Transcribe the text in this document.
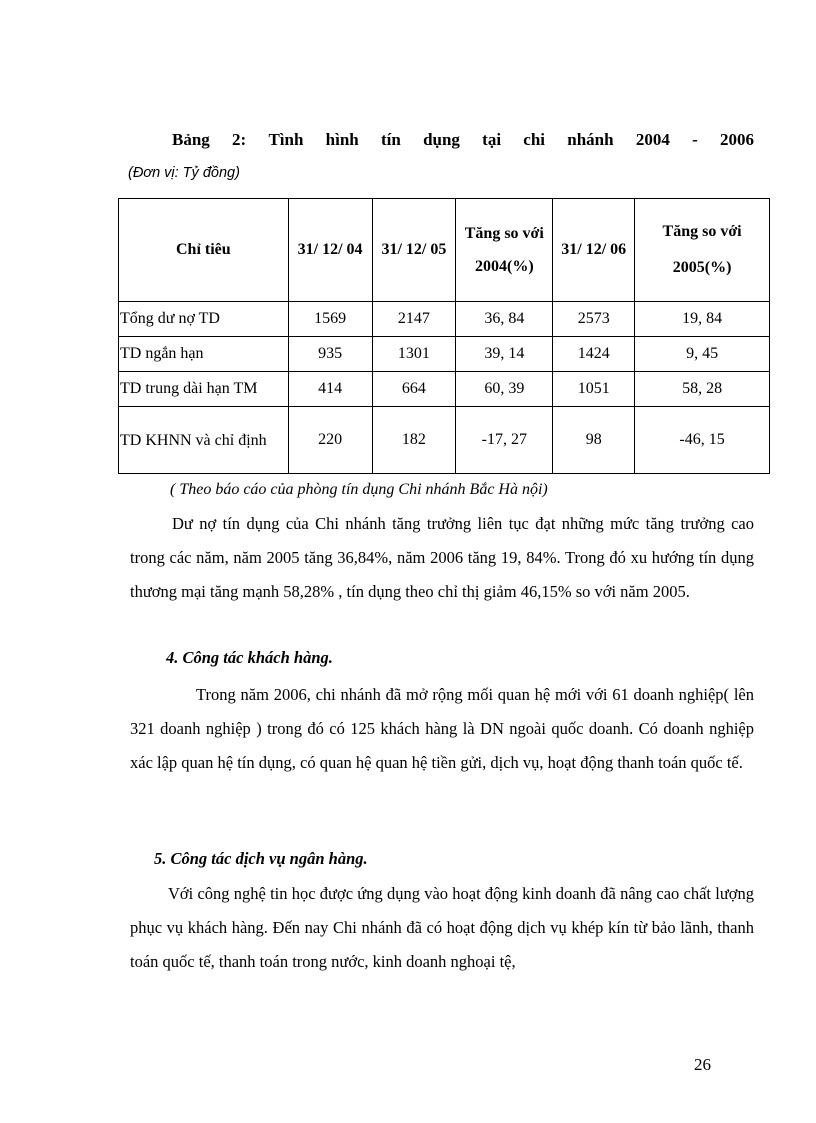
Bảng 2: Tình hình tín dụng tại chi nhánh 2004 - 2006
(Đơn vị: Tỷ đồng)
Chỉ tiêu	31/ 12/ 04	31/ 12/ 05	Tăng so với 2004(%)	31/ 12/ 06	Tăng so với 2005(%)
Tổng dư nợ TD	1569	2147	36, 84	2573	19, 84
TD ngắn hạn	935	1301	39, 14	1424	9, 45
TD trung dài hạn TM	414	664	60, 39	1051	58, 28
TD KHNN và chỉ định	220	182	-17, 27	98	-46, 15
( Theo báo cáo của phòng tín dụng Chi nhánh Bắc Hà nội)

Dư nợ tín dụng của Chi nhánh tăng trưởng liên tục đạt những mức tăng trưởng cao trong các năm, năm 2005 tăng 36,84%, năm 2006 tăng 19, 84%. Trong đó xu hướng tín dụng thương mại tăng mạnh 58,28% , tín dụng theo chỉ thị giảm 46,15% so với năm 2005.

4. Công tác khách hàng.

Trong năm 2006, chi nhánh đã mở rộng mối quan hệ mới với 61 doanh nghiệp( lên 321 doanh nghiệp ) trong đó có 125 khách hàng là DN ngoài quốc doanh. Có doanh nghiệp xác lập quan hệ tín dụng, có quan hệ quan hệ tiền gửi, dịch vụ, hoạt động thanh toán quốc tế.

5. Công tác dịch vụ ngân hàng.

Với công nghệ tin học được ứng dụng vào hoạt động kinh doanh đã nâng cao chất lượng phục vụ khách hàng. Đến nay Chi nhánh đã có hoạt động dịch vụ khép kín từ bảo lãnh, thanh toán quốc tế, thanh toán trong nước, kinh doanh nghoại tệ,

26
